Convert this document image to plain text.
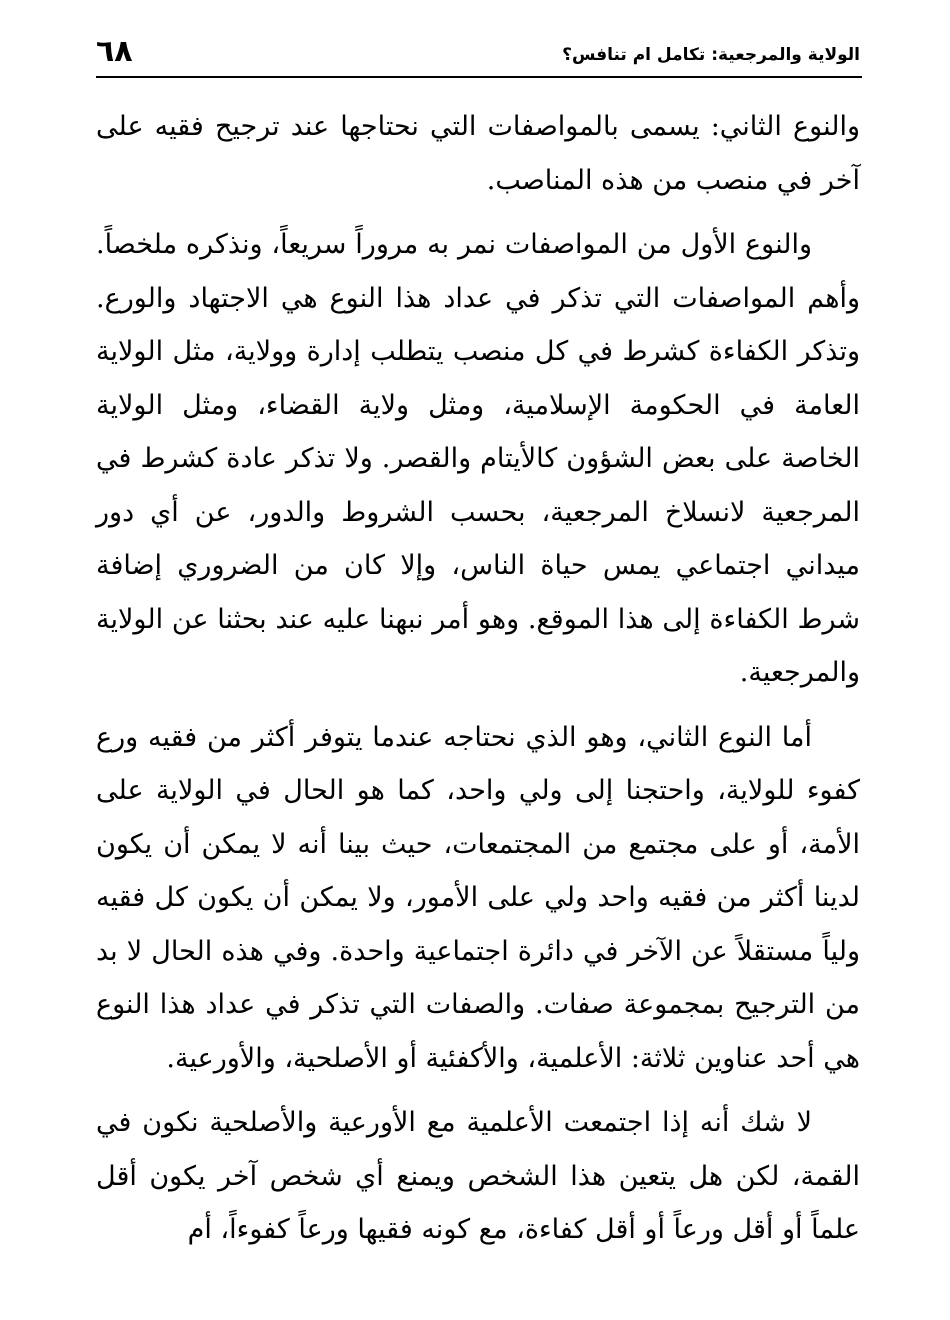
الولاية والمرجعية: تكامل ام تنافس؟
٦٨

والنوع الثاني: يسمى بالمواصفات التي نحتاجها عند ترجيح فقيه على آخر في منصب من هذه المناصب.

والنوع الأول من المواصفات نمر به مروراً سريعاً، ونذكره ملخصاً. وأهم المواصفات التي تذكر في عداد هذا النوع هي الاجتهاد والورع. وتذكر الكفاءة كشرط في كل منصب يتطلب إدارة وولاية، مثل الولاية العامة في الحكومة الإسلامية، ومثل ولاية القضاء، ومثل الولاية الخاصة على بعض الشؤون كالأيتام والقصر. ولا تذكر عادة كشرط في المرجعية لانسلاخ المرجعية، بحسب الشروط والدور، عن أي دور ميداني اجتماعي يمس حياة الناس، وإلا كان من الضروري إضافة شرط الكفاءة إلى هذا الموقع. وهو أمر نبهنا عليه عند بحثنا عن الولاية والمرجعية.

أما النوع الثاني، وهو الذي نحتاجه عندما يتوفر أكثر من فقيه ورع كفوء للولاية، واحتجنا إلى ولي واحد، كما هو الحال في الولاية على الأمة، أو على مجتمع من المجتمعات، حيث بينا أنه لا يمكن أن يكون لدينا أكثر من فقيه واحد ولي على الأمور، ولا يمكن أن يكون كل فقيه ولياً مستقلاً عن الآخر في دائرة اجتماعية واحدة. وفي هذه الحال لا بد من الترجيح بمجموعة صفات. والصفات التي تذكر في عداد هذا النوع هي أحد عناوين ثلاثة: الأعلمية، والأكفئية أو الأصلحية، والأورعية.

لا شك أنه إذا اجتمعت الأعلمية مع الأورعية والأصلحية نكون في القمة، لكن هل يتعين هذا الشخص ويمنع أي شخص آخر يكون أقل علماً أو أقل ورعاً أو أقل كفاءة، مع كونه فقيها ورعاً كفوءاً، أم
